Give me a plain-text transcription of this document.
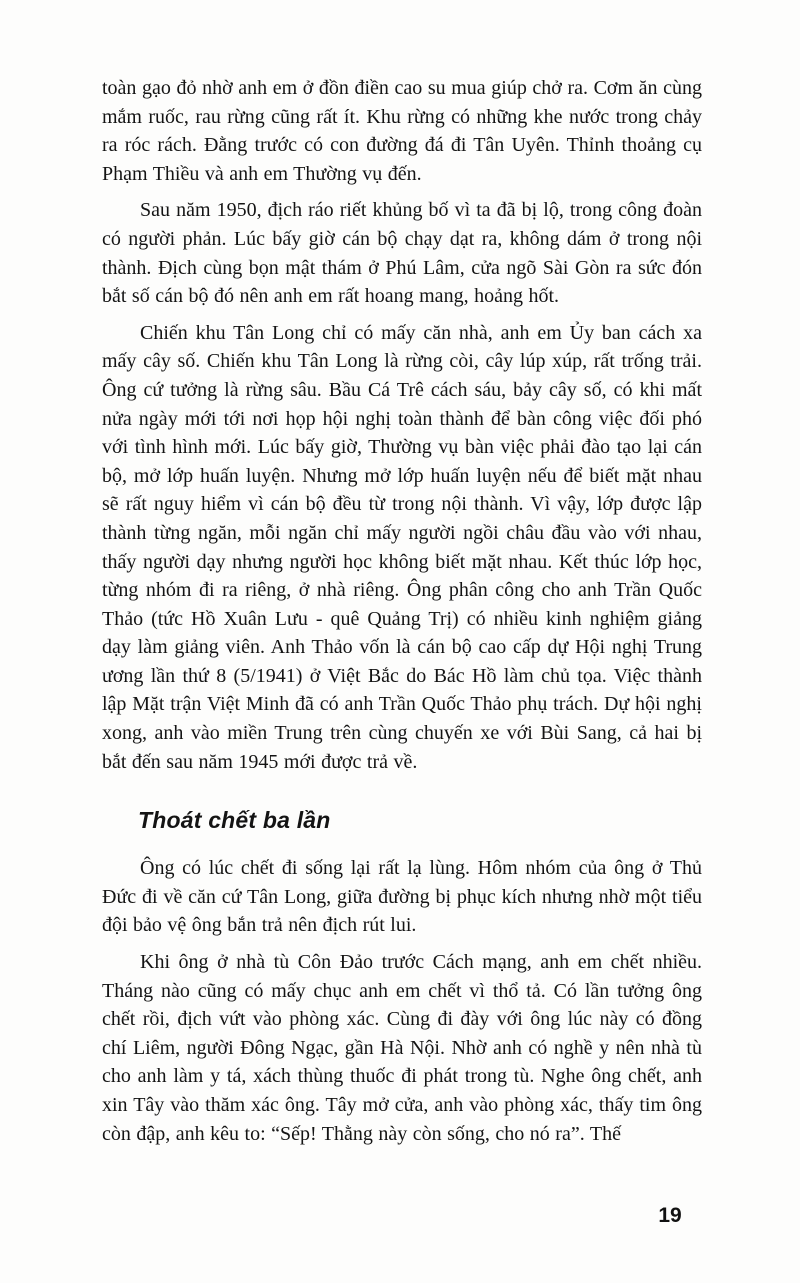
toàn gạo đỏ nhờ anh em ở đồn điền cao su mua giúp chở ra. Cơm ăn cùng mắm ruốc, rau rừng cũng rất ít. Khu rừng có những khe nước trong chảy ra róc rách. Đằng trước có con đường đá đi Tân Uyên. Thỉnh thoảng cụ Phạm Thiều và anh em Thường vụ đến.

Sau năm 1950, địch ráo riết khủng bố vì ta đã bị lộ, trong công đoàn có người phản. Lúc bấy giờ cán bộ chạy dạt ra, không dám ở trong nội thành. Địch cùng bọn mật thám ở Phú Lâm, cửa ngõ Sài Gòn ra sức đón bắt số cán bộ đó nên anh em rất hoang mang, hoảng hốt.

Chiến khu Tân Long chỉ có mấy căn nhà, anh em Ủy ban cách xa mấy cây số. Chiến khu Tân Long là rừng còi, cây lúp xúp, rất trống trải. Ông cứ tưởng là rừng sâu. Bầu Cá Trê cách sáu, bảy cây số, có khi mất nửa ngày mới tới nơi họp hội nghị toàn thành để bàn công việc đối phó với tình hình mới. Lúc bấy giờ, Thường vụ bàn việc phải đào tạo lại cán bộ, mở lớp huấn luyện. Nhưng mở lớp huấn luyện nếu để biết mặt nhau sẽ rất nguy hiểm vì cán bộ đều từ trong nội thành. Vì vậy, lớp được lập thành từng ngăn, mỗi ngăn chỉ mấy người ngồi châu đầu vào với nhau, thấy người dạy nhưng người học không biết mặt nhau. Kết thúc lớp học, từng nhóm đi ra riêng, ở nhà riêng. Ông phân công cho anh Trần Quốc Thảo (tức Hồ Xuân Lưu - quê Quảng Trị) có nhiều kinh nghiệm giảng dạy làm giảng viên. Anh Thảo vốn là cán bộ cao cấp dự Hội nghị Trung ương lần thứ 8 (5/1941) ở Việt Bắc do Bác Hồ làm chủ tọa. Việc thành lập Mặt trận Việt Minh đã có anh Trần Quốc Thảo phụ trách. Dự hội nghị xong, anh vào miền Trung trên cùng chuyến xe với Bùi Sang, cả hai bị bắt đến sau năm 1945 mới được trả về.

Thoát chết ba lần

Ông có lúc chết đi sống lại rất lạ lùng. Hôm nhóm của ông ở Thủ Đức đi về căn cứ Tân Long, giữa đường bị phục kích nhưng nhờ một tiểu đội bảo vệ ông bắn trả nên địch rút lui.

Khi ông ở nhà tù Côn Đảo trước Cách mạng, anh em chết nhiều. Tháng nào cũng có mấy chục anh em chết vì thổ tả. Có lần tưởng ông chết rồi, địch vứt vào phòng xác. Cùng đi đày với ông lúc này có đồng chí Liêm, người Đông Ngạc, gần Hà Nội. Nhờ anh có nghề y nên nhà tù cho anh làm y tá, xách thùng thuốc đi phát trong tù. Nghe ông chết, anh xin Tây vào thăm xác ông. Tây mở cửa, anh vào phòng xác, thấy tim ông còn đập, anh kêu to: “Sếp! Thằng này còn sống, cho nó ra”. Thế

19
